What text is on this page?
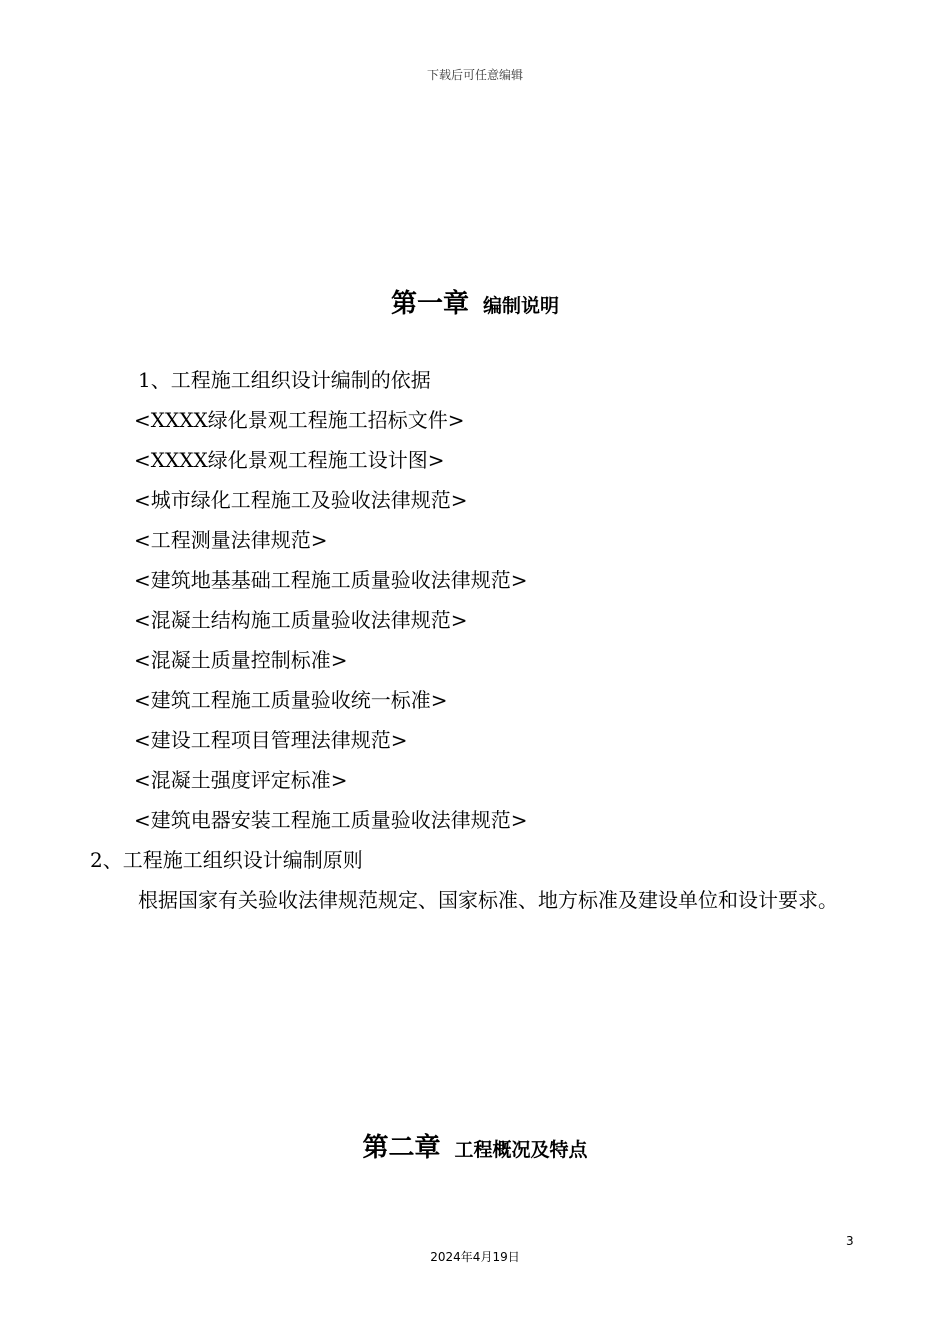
下载后可任意编辑
第一章 编制说明
1、工程施工组织设计编制的依据
<XXXX绿化景观工程施工招标文件>
<XXXX绿化景观工程施工设计图>
<城市绿化工程施工及验收法律规范>
<工程测量法律规范>
<建筑地基基础工程施工质量验收法律规范>
<混凝土结构施工质量验收法律规范>
<混凝土质量控制标准>
<建筑工程施工质量验收统一标准>
<建设工程项目管理法律规范>
<混凝土强度评定标准>
<建筑电器安装工程施工质量验收法律规范>
2、工程施工组织设计编制原则
根据国家有关验收法律规范规定、国家标准、地方标准及建设单位和设计要求。
第二章 工程概况及特点
3
2024年4月19日
